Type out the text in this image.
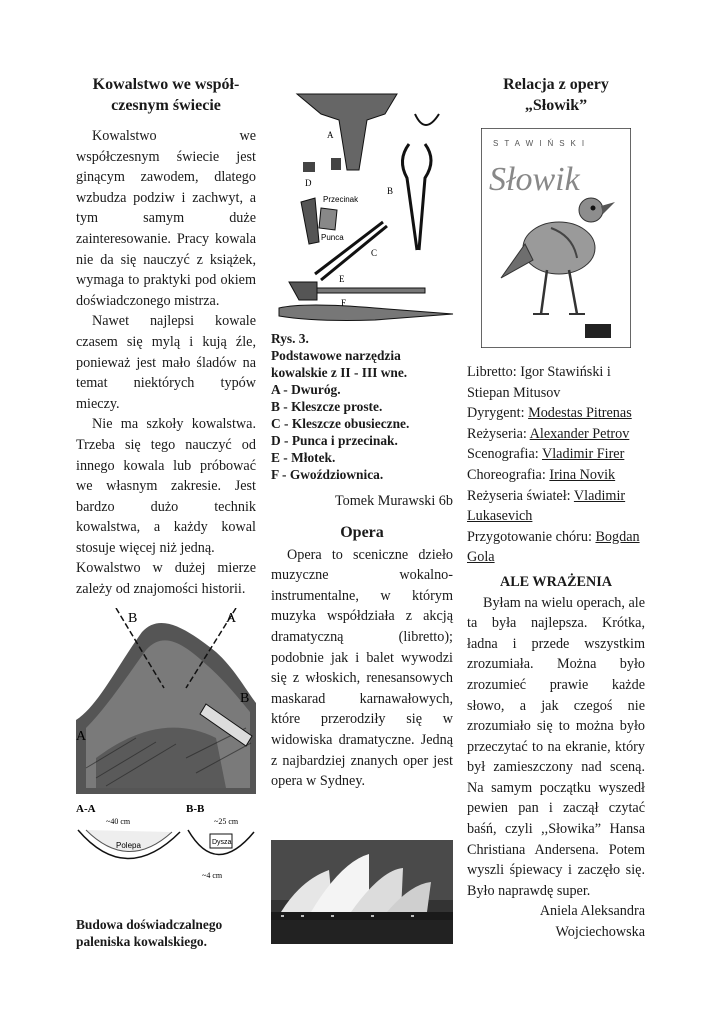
Kowalstwo we współ-czesnym świecie

Kowalstwo we współczesnym świecie jest ginącym zawodem, dlatego wzbudza podziw i zachwyt, a tym samym duże zainteresowanie. Pracy kowala nie da się nauczyć z książek, wymaga to praktyki pod okiem doświadczonego mistrza.

Nawet najlepsi kowale czasem się mylą i kują źle, ponieważ jest mało śladów na temat niektórych typów mieczy.

Nie ma szkoły kowalstwa. Trzeba się tego nauczyć od innego kowala lub próbować we własnym zakresie. Jest bardzo dużo technik kowalstwa, a każdy kowal stosuje więcej niż jedną.

Kowalstwo w dużej mierze zależy od znajomości historii.

B	A
B
A
A-A
~40 cm
Polepa
B-B
~25 cm
Dysza
~4 cm
Budowa doświadczalnego paleniska kowalskiego.
A
B
D
Przecinak
Punca
C
E
F
Rys. 3.
Podstawowe narzędzia kowalskie z II - III wne.
A - Dwuróg.
B - Kleszcze proste.
C - Kleszcze obusieczne.
D - Punca i przecinak.
E - Młotek.
F - Gwoździownica.
Tomek Murawski 6b
Opera

Opera to sceniczne dzieło muzyczne wokalno-instrumentalne, w którym muzyka współdziała z akcją dramatyczną (libretto); podobnie jak i balet wywodzi się z włoskich, renesansowych maskarad karnawałowych, które przerodziły się w widowiska dramatyczne. Jedną z najbardziej znanych oper jest opera w Sydney.

Relacja z opery
„Słowik”
STAWIŃSKI
Słowik
Libretto: Igor Stawiński i Stiepan Mitusov
Dyrygent: Modestas Pitrenas
Reżyseria: Alexander Petrov
Scenografia: Vladimir Firer
Choreografia: Irina Novik
Reżyseria świateł: Vladimir Lukasevich
Przygotowanie chóru: Bogdan Gola
ALE WRAŻENIA

Byłam na wielu operach, ale ta była najlepsza. Krótka, ładna i przede wszystkim zrozumiała. Można było zrozumieć prawie każde słowo, a jak czegoś nie zrozumiało się to można było przeczytać to na ekranie, który był zamieszczony nad sceną. Na samym początku wyszedł pewien pan i zaczął czytać baśń, czyli ,,Słowika” Hansa Christiana Andersena. Potem wyszli śpiewacy i zaczęło się. Było naprawdę super.

Aniela Aleksandra
Wojciechowska
